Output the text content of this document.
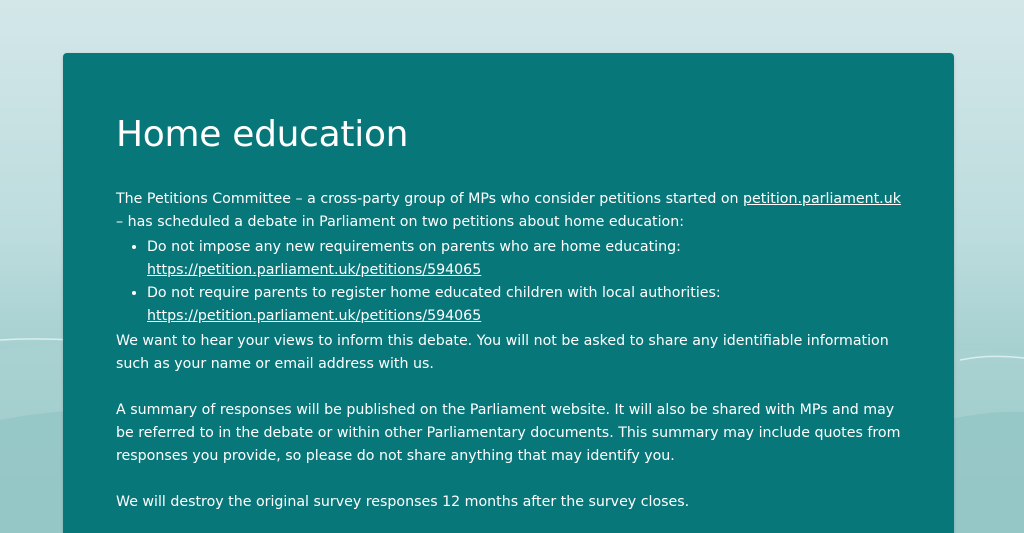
Home education

The Petitions Committee – a cross-party group of MPs who consider petitions started on petition.parliament.uk – has scheduled a debate in Parliament on two petitions about home education:

• Do not impose any new requirements on parents who are home educating: https://petition.parliament.uk/petitions/594065
• Do not require parents to register home educated children with local authorities: https://petition.parliament.uk/petitions/594065

We want to hear your views to inform this debate. You will not be asked to share any identifiable information such as your name or email address with us.

A summary of responses will be published on the Parliament website. It will also be shared with MPs and may be referred to in the debate or within other Parliamentary documents. This summary may include quotes from responses you provide, so please do not share anything that may identify you.

We will destroy the original survey responses 12 months after the survey closes.
